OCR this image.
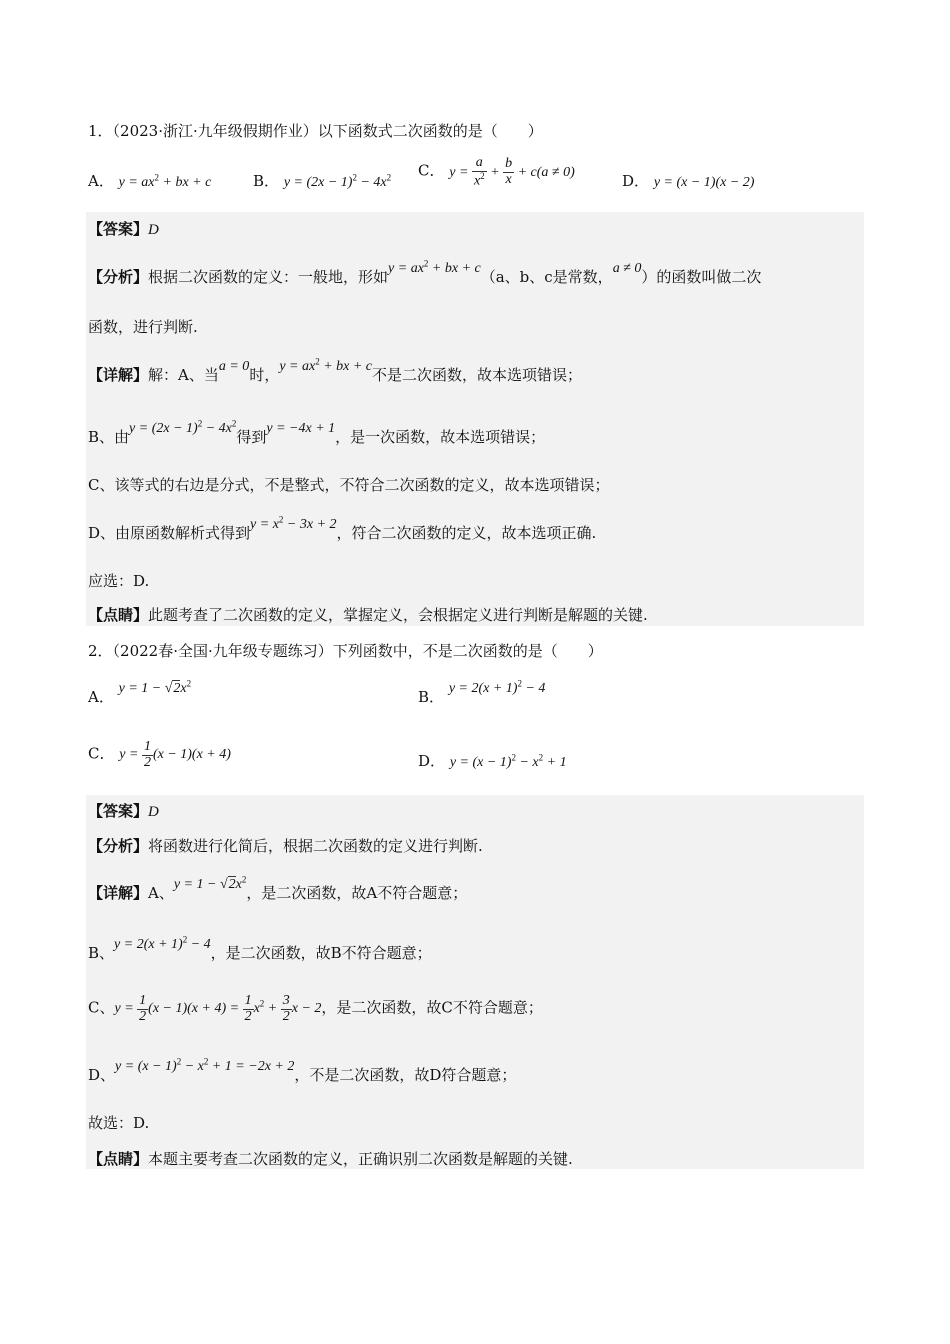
1．（2023·浙江·九年级假期作业）以下函数式二次函数的是（　　）
A． $y = ax^2$ + bx + c	B． $y = (2x - 1)^2 - 4x^2$ C． $y = \frac{a}{x^2} + \frac{b}{x} + c(a \ne 0)$	D． y = (x − 1)(x − 2)
【答案】D
【分析】根据二次函数的定义：一般地，形如$y = ax^2$ + bx + c（a、b、c是常数，a ≠ 0）的函数叫做二次
函数，进行判断.
【详解】解：A、当a = 0时，$y = ax^2$ + bx + c不是二次函数，故本选项错误；
B、由$y = (2x - 1)^2 - 4x^2$得到y = −4x + 1，是一次函数，故本选项错误；
C、该等式的右边是分式，不是整式，不符合二次函数的定义，故本选项错误；
D、由原函数解析式得到$y = x^2 - 3x + 2$，符合二次函数的定义，故本选项正确.
应选：D.
【点睛】此题考查了二次函数的定义，掌握定义，会根据定义进行判断是解题的关键.
2．（2022春·全国·九年级专题练习）下列函数中，不是二次函数的是（　　）
A． $y = 1 - √2x^2$
B． $y = 2(x + 1)^2 - 4$
C． $y = \frac{1}{2} (x - 1)(x + 4)$	D． $y = (x - 1)^2 - x^2 + 1$
【答案】D
【分析】将函数进行化简后，根据二次函数的定义进行判断.
【详解】A、$y = 1 - √2x^2$，是二次函数，故A不符合题意；
B、$y = 2(x + 1)^2 - 4$，是二次函数，故B不符合题意；
C、$y = \frac{1}{2} (x - 1)(x + 4) = \frac{1}{2} x^2 + \frac{3}{2}$ x − 2，是二次函数，故C不符合题意；
D、$y = (x - 1)^2 - x^2 + 1 = -2x + 2$，不是二次函数，故D符合题意；
故选：D.
【点睛】本题主要考查二次函数的定义，正确识别二次函数是解题的关键.
